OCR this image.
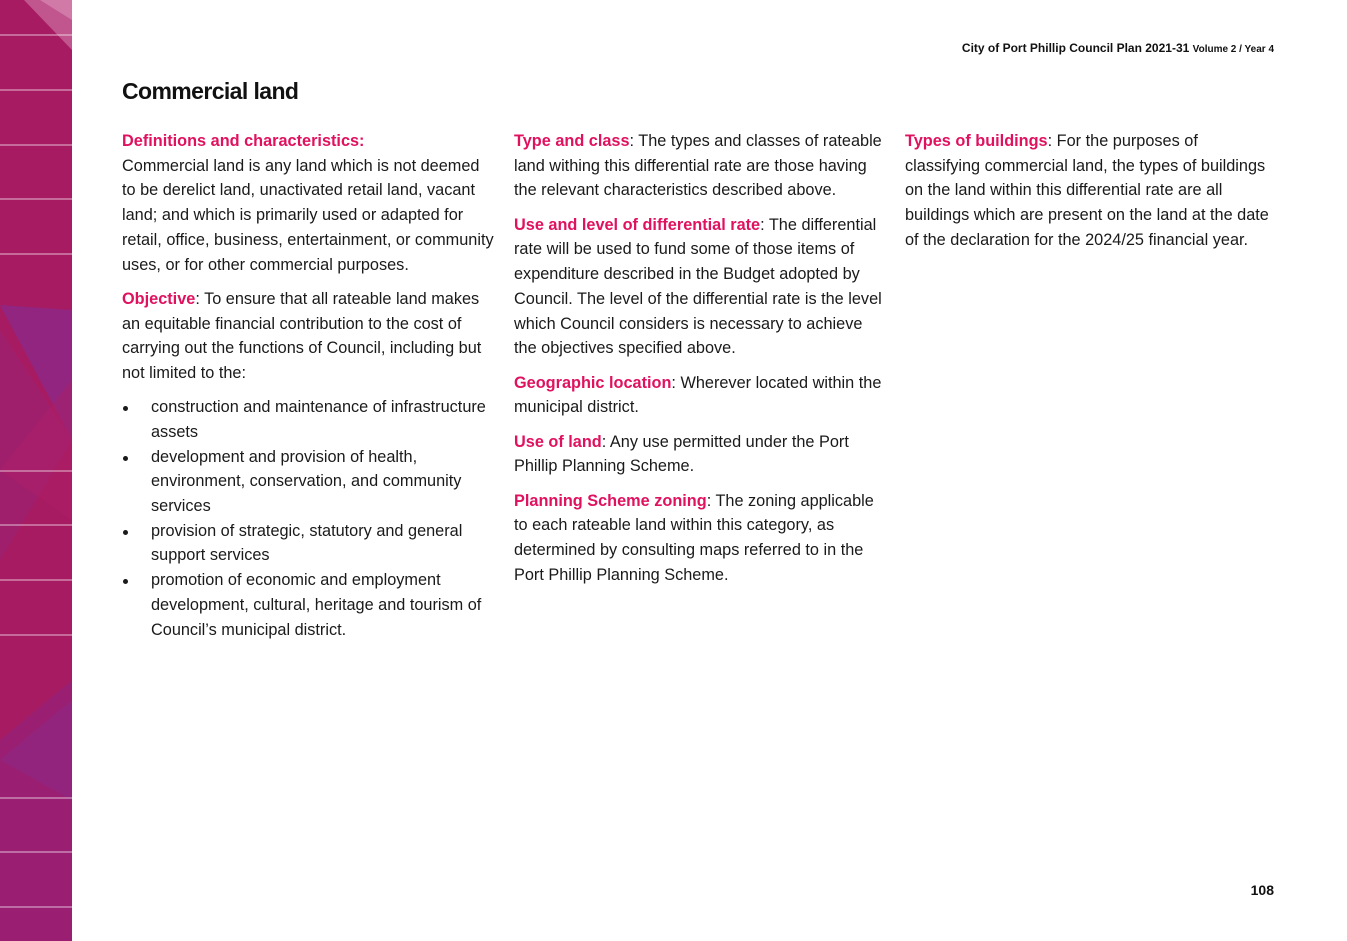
City of Port Phillip Council Plan 2021-31 Volume 2 / Year 4
Commercial land

Definitions and characteristics:
Commercial land is any land which is not deemed to be derelict land, unactivated retail land, vacant land; and which is primarily used or adapted for retail, office, business, entertainment, or community uses, or for other commercial purposes.

Objective: To ensure that all rateable land makes an equitable financial contribution to the cost of carrying out the functions of Council, including but not limited to the:

construction and maintenance of infrastructure assets
development and provision of health, environment, conservation, and community services
provision of strategic, statutory and general support services
promotion of economic and employment development, cultural, heritage and tourism of Council’s municipal district.

Type and class: The types and classes of rateable land withing this differential rate are those having the relevant characteristics described above.

Use and level of differential rate: The differential rate will be used to fund some of those items of expenditure described in the Budget adopted by Council. The level of the differential rate is the level which Council considers is necessary to achieve the objectives specified above.

Geographic location: Wherever located within the municipal district.

Use of land: Any use permitted under the Port Phillip Planning Scheme.

Planning Scheme zoning: The zoning applicable to each rateable land within this category, as determined by consulting maps referred to in the Port Phillip Planning Scheme.

Types of buildings: For the purposes of classifying commercial land, the types of buildings on the land within this differential rate are all buildings which are present on the land at the date of the declaration for the 2024/25 financial year.

108
